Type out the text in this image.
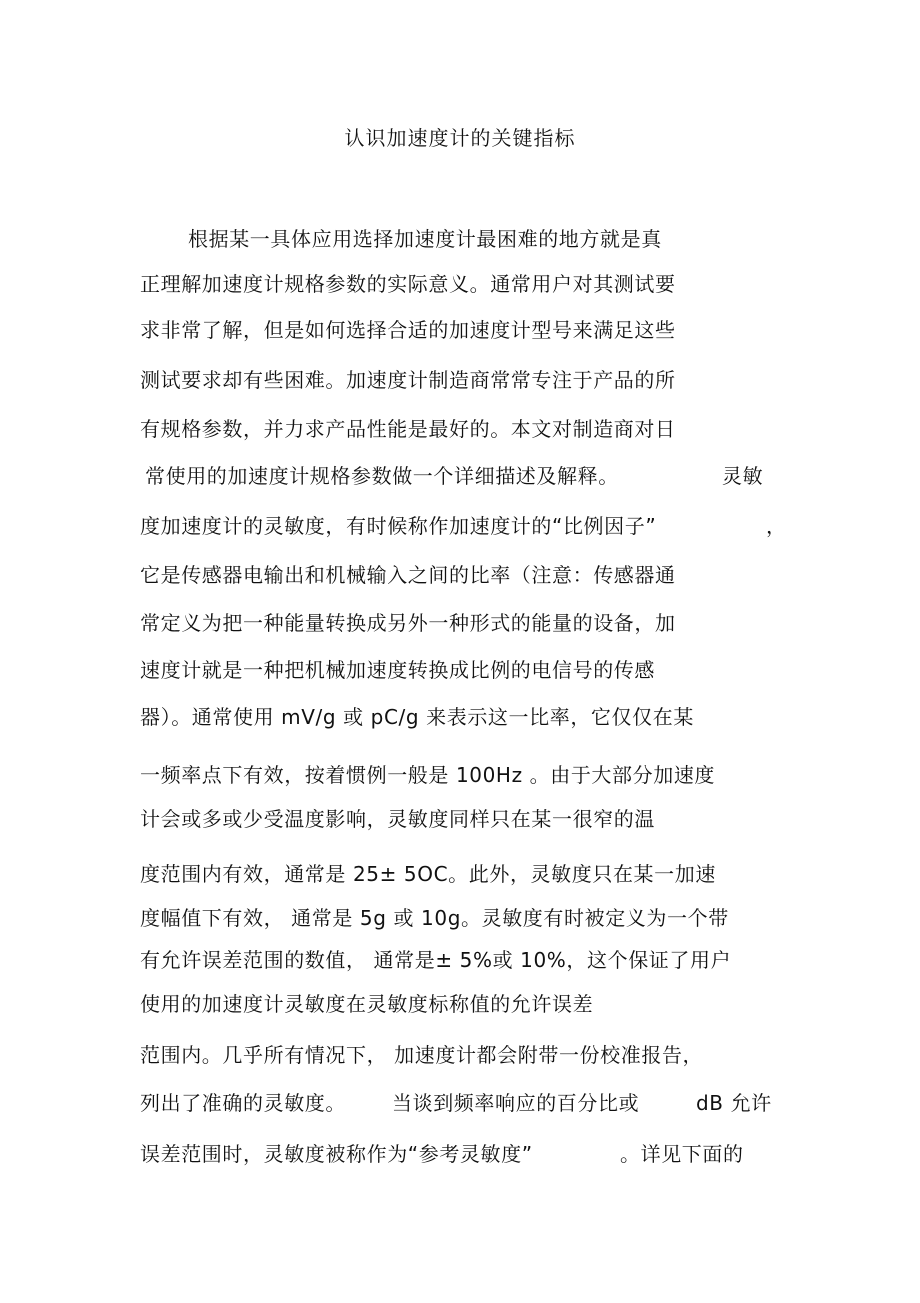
认识加速度计的关键指标
根据某一具体应用选择加速度计最困难的地方就是真
正理解加速度计规格参数的实际意义。通常用户对其测试要
求非常了解，但是如何选择合适的加速度计型号来满足这些
测试要求却有些困难。加速度计制造商常常专注于产品的所
有规格参数，并力求产品性能是最好的。本文对制造商对日
常使用的加速度计规格参数做一个详细描述及解释。	灵敏
度加速度计的灵敏度，有时候称作加速度计的“比例因子”	，
它是传感器电输出和机械输入之间的比率（注意：传感器通
常定义为把一种能量转换成另外一种形式的能量的设备，加
速度计就是一种把机械加速度转换成比例的电信号的传感
器）。通常使用 mV/g 或 pC/g 来表示这一比率，它仅仅在某
一频率点下有效，按着惯例一般是 100Hz 。由于大部分加速度
计会或多或少受温度影响，灵敏度同样只在某一很窄的温
度范围内有效，通常是 25± 5OC。此外，灵敏度只在某一加速
度幅值下有效， 通常是 5g 或 10g。灵敏度有时被定义为一个带
有允许误差范围的数值， 通常是± 5%或 10%，这个保证了用户
使用的加速度计灵敏度在灵敏度标称值的允许误差
范围内。几乎所有情况下， 加速度计都会附带一份校准报告，
列出了准确的灵敏度。 当谈到频率响应的百分比或	dB 允许
误差范围时，灵敏度被称作为“参考灵敏度”	。详见下面的
